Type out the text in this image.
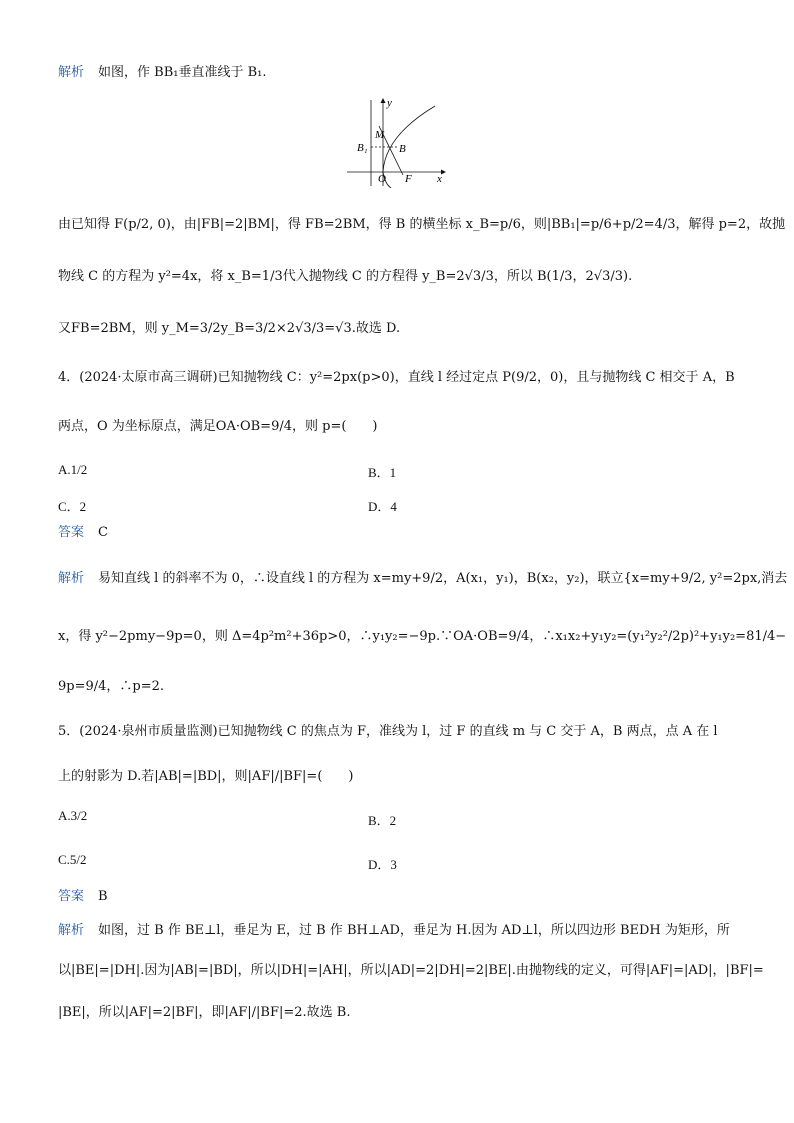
解析 如图，作 BB₁垂直准线于 B₁.
y
x
M
B₁	B
O F
由已知得 F(p/2, 0)，由|FB|=2|BM|，得 FB=2BM，得 B 的横坐标 x_B=p/6，则|BB₁|=p/6+p/2=4/3，解得 p=2，故抛
物线 C 的方程为 y²=4x，将 x_B=1/3代入抛物线 C 的方程得 y_B=2√3/3，所以 B(1/3，2√3/3).
又FB=2BM，则 y_M=3/2y_B=3/2×2√3/3=√3.故选 D.
4．(2024·太原市高三调研)已知抛物线 C：y²=2px(p>0)，直线 l 经过定点 P(9/2，0)，且与抛物线 C 相交于 A，B
两点，O 为坐标原点，满足OA·OB=9/4，则 p=(　　)
A.1/2	B．1
C．2	D．4
答案 C
解析 易知直线 l 的斜率不为 0，∴设直线 l 的方程为 x=my+9/2，A(x₁，y₁)，B(x₂，y₂)，联立{x=my+9/2, y²=2px,消去
x，得 y²−2pmy−9p=0，则 Δ=4p²m²+36p>0，∴y₁y₂=−9p.∵OA·OB=9/4，∴x₁x₂+y₁y₂=(y₁²y₂²/2p)²+y₁y₂=81/4−
9p=9/4，∴p=2.
5．(2024·泉州市质量监测)已知抛物线 C 的焦点为 F，准线为 l，过 F 的直线 m 与 C 交于 A，B 两点，点 A 在 l
上的射影为 D.若|AB|=|BD|，则|AF|/|BF|=(　　)
A.3/2	B．2
C.5/2	D．3
答案 B
解析 如图，过 B 作 BE⊥l，垂足为 E，过 B 作 BH⊥AD，垂足为 H.因为 AD⊥l，所以四边形 BEDH 为矩形，所
以|BE|=|DH|.因为|AB|=|BD|，所以|DH|=|AH|，所以|AD|=2|DH|=2|BE|.由抛物线的定义，可得|AF|=|AD|，|BF|=
|BE|，所以|AF|=2|BF|，即|AF|/|BF|=2.故选 B.
